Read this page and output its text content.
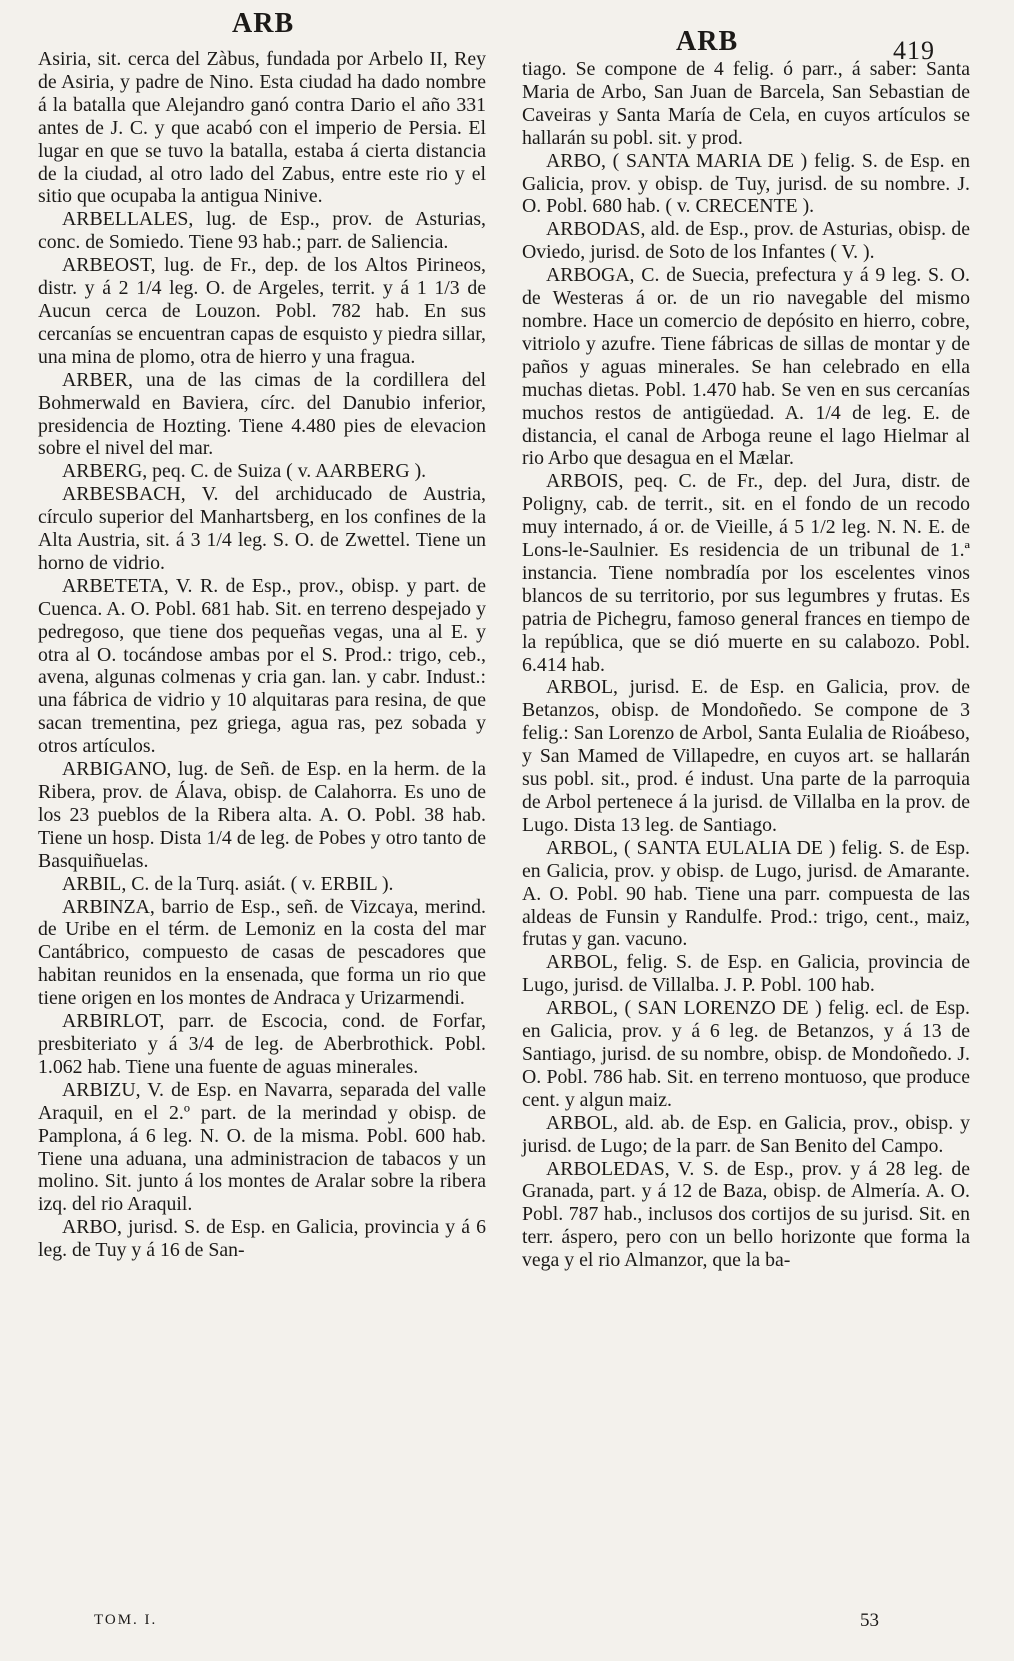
ARB
ARB	419

Asiria, sit. cerca del Zàbus, fundada por Arbelo II, Rey de Asiria, y padre de Nino. Esta ciudad ha dado nombre á la batalla que Alejandro ganó contra Dario el año 331 antes de J. C. y que acabó con el imperio de Persia. El lugar en que se tuvo la batalla, estaba á cierta distancia de la ciudad, al otro lado del Zabus, entre este rio y el sitio que ocupaba la antigua Ninive.

ARBELLALES, lug. de Esp., prov. de Asturias, conc. de Somiedo. Tiene 93 hab.; parr. de Saliencia.

ARBEOST, lug. de Fr., dep. de los Altos Pirineos, distr. y á 2 1/4 leg. O. de Argeles, territ. y á 1 1/3 de Aucun cerca de Louzon. Pobl. 782 hab. En sus cercanías se encuentran capas de esquisto y piedra sillar, una mina de plomo, otra de hierro y una fragua.

ARBER, una de las cimas de la cordillera del Bohmerwald en Baviera, círc. del Danubio inferior, presidencia de Hozting. Tiene 4.480 pies de elevacion sobre el nivel del mar.

ARBERG, peq. C. de Suiza ( v. AARBERG ).

ARBESBACH, V. del archiducado de Austria, círculo superior del Manhartsberg, en los confines de la Alta Austria, sit. á 3 1/4 leg. S. O. de Zwettel. Tiene un horno de vidrio.

ARBETETA, V. R. de Esp., prov., obisp. y part. de Cuenca. A. O. Pobl. 681 hab. Sit. en terreno despejado y pedregoso, que tiene dos pequeñas vegas, una al E. y otra al O. tocándose ambas por el S. Prod.: trigo, ceb., avena, algunas colmenas y cria gan. lan. y cabr. Indust.: una fábrica de vidrio y 10 alquitaras para resina, de que sacan trementina, pez griega, agua ras, pez sobada y otros artículos.

ARBIGANO, lug. de Señ. de Esp. en la herm. de la Ribera, prov. de Álava, obisp. de Calahorra. Es uno de los 23 pueblos de la Ribera alta. A. O. Pobl. 38 hab. Tiene un hosp. Dista 1/4 de leg. de Pobes y otro tanto de Basquiñuelas.

ARBIL, C. de la Turq. asiát. ( v. ERBIL ).

ARBINZA, barrio de Esp., señ. de Vizcaya, merind. de Uribe en el térm. de Lemoniz en la costa del mar Cantábrico, compuesto de casas de pescadores que habitan reunidos en la ensenada, que forma un rio que tiene origen en los montes de Andraca y Urizarmendi.

ARBIRLOT, parr. de Escocia, cond. de Forfar, presbiteriato y á 3/4 de leg. de Aberbrothick. Pobl. 1.062 hab. Tiene una fuente de aguas minerales.

ARBIZU, V. de Esp. en Navarra, separada del valle Araquil, en el 2.º part. de la merindad y obisp. de Pamplona, á 6 leg. N. O. de la misma. Pobl. 600 hab. Tiene una aduana, una administracion de tabacos y un molino. Sit. junto á los montes de Aralar sobre la ribera izq. del rio Araquil.

ARBO, jurisd. S. de Esp. en Galicia, provincia y á 6 leg. de Tuy y á 16 de San-

tiago. Se compone de 4 felig. ó parr., á saber: Santa Maria de Arbo, San Juan de Barcela, San Sebastian de Caveiras y Santa María de Cela, en cuyos artículos se hallarán su pobl. sit. y prod.

ARBO, ( SANTA MARIA DE ) felig. S. de Esp. en Galicia, prov. y obisp. de Tuy, jurisd. de su nombre. J. O. Pobl. 680 hab. ( v. CRECENTE ).

ARBODAS, ald. de Esp., prov. de Asturias, obisp. de Oviedo, jurisd. de Soto de los Infantes ( V. ).

ARBOGA, C. de Suecia, prefectura y á 9 leg. S. O. de Westeras á or. de un rio navegable del mismo nombre. Hace un comercio de depósito en hierro, cobre, vitriolo y azufre. Tiene fábricas de sillas de montar y de paños y aguas minerales. Se han celebrado en ella muchas dietas. Pobl. 1.470 hab. Se ven en sus cercanías muchos restos de antigüedad. A. 1/4 de leg. E. de distancia, el canal de Arboga reune el lago Hielmar al rio Arbo que desagua en el Mælar.

ARBOIS, peq. C. de Fr., dep. del Jura, distr. de Poligny, cab. de territ., sit. en el fondo de un recodo muy internado, á or. de Vieille, á 5 1/2 leg. N. N. E. de Lons-le-Saulnier. Es residencia de un tribunal de 1.ª instancia. Tiene nombradía por los escelentes vinos blancos de su territorio, por sus legumbres y frutas. Es patria de Pichegru, famoso general frances en tiempo de la república, que se dió muerte en su calabozo. Pobl. 6.414 hab.

ARBOL, jurisd. E. de Esp. en Galicia, prov. de Betanzos, obisp. de Mondoñedo. Se compone de 3 felig.: San Lorenzo de Arbol, Santa Eulalia de Rioábeso, y San Mamed de Villapedre, en cuyos art. se hallarán sus pobl. sit., prod. é indust. Una parte de la parroquia de Arbol pertenece á la jurisd. de Villalba en la prov. de Lugo. Dista 13 leg. de Santiago.

ARBOL, ( SANTA EULALIA DE ) felig. S. de Esp. en Galicia, prov. y obisp. de Lugo, jurisd. de Amarante. A. O. Pobl. 90 hab. Tiene una parr. compuesta de las aldeas de Funsin y Randulfe. Prod.: trigo, cent., maiz, frutas y gan. vacuno.

ARBOL, felig. S. de Esp. en Galicia, provincia de Lugo, jurisd. de Villalba. J. P. Pobl. 100 hab.

ARBOL, ( SAN LORENZO DE ) felig. ecl. de Esp. en Galicia, prov. y á 6 leg. de Betanzos, y á 13 de Santiago, jurisd. de su nombre, obisp. de Mondoñedo. J. O. Pobl. 786 hab. Sit. en terreno montuoso, que produce cent. y algun maiz.

ARBOL, ald. ab. de Esp. en Galicia, prov., obisp. y jurisd. de Lugo; de la parr. de San Benito del Campo.

ARBOLEDAS, V. S. de Esp., prov. y á 28 leg. de Granada, part. y á 12 de Baza, obisp. de Almería. A. O. Pobl. 787 hab., inclusos dos cortijos de su jurisd. Sit. en terr. áspero, pero con un bello horizonte que forma la vega y el rio Almanzor, que la ba-

TOM. I.	53
